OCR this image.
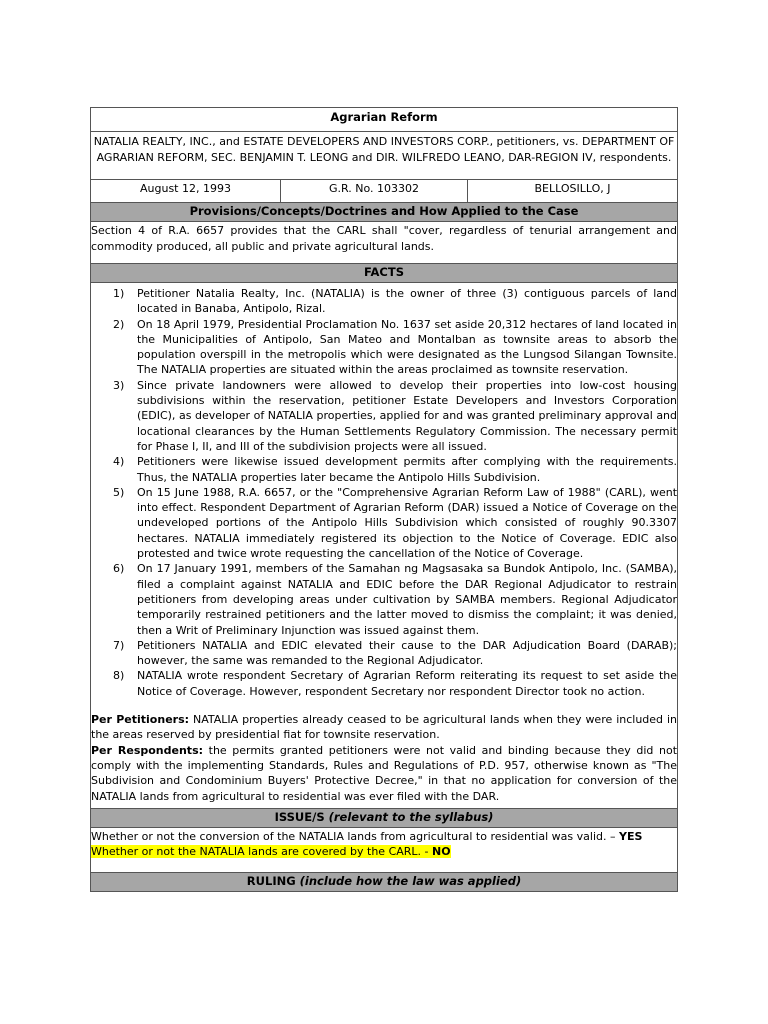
Agrarian Reform
NATALIA REALTY, INC., and ESTATE DEVELOPERS AND INVESTORS CORP., petitioners, vs. DEPARTMENT OF AGRARIAN REFORM, SEC. BENJAMIN T. LEONG and DIR. WILFREDO LEANO, DAR-REGION IV, respondents.
August 12, 1993	G.R. No. 103302	BELLOSILLO, J
Provisions/Concepts/Doctrines and How Applied to the Case
Section 4 of R.A. 6657 provides that the CARL shall "cover, regardless of tenurial arrangement and commodity produced, all public and private agricultural lands.
FACTS

1) Petitioner Natalia Realty, Inc. (NATALIA) is the owner of three (3) contiguous parcels of land located in Banaba, Antipolo, Rizal.
2) On 18 April 1979, Presidential Proclamation No. 1637 set aside 20,312 hectares of land located in the Municipalities of Antipolo, San Mateo and Montalban as townsite areas to absorb the population overspill in the metropolis which were designated as the Lungsod Silangan Townsite. The NATALIA properties are situated within the areas proclaimed as townsite reservation.
3) Since private landowners were allowed to develop their properties into low-cost housing subdivisions within the reservation, petitioner Estate Developers and Investors Corporation (EDIC), as developer of NATALIA properties, applied for and was granted preliminary approval and locational clearances by the Human Settlements Regulatory Commission. The necessary permit for Phase I, II, and III of the subdivision projects were all issued.
4) Petitioners were likewise issued development permits after complying with the requirements. Thus, the NATALIA properties later became the Antipolo Hills Subdivision.
5) On 15 June 1988, R.A. 6657, or the "Comprehensive Agrarian Reform Law of 1988" (CARL), went into effect. Respondent Department of Agrarian Reform (DAR) issued a Notice of Coverage on the undeveloped portions of the Antipolo Hills Subdivision which consisted of roughly 90.3307 hectares. NATALIA immediately registered its objection to the Notice of Coverage. EDIC also protested and twice wrote requesting the cancellation of the Notice of Coverage.
6) On 17 January 1991, members of the Samahan ng Magsasaka sa Bundok Antipolo, Inc. (SAMBA), filed a complaint against NATALIA and EDIC before the DAR Regional Adjudicator to restrain petitioners from developing areas under cultivation by SAMBA members. Regional Adjudicator temporarily restrained petitioners and the latter moved to dismiss the complaint; it was denied, then a Writ of Preliminary Injunction was issued against them.
7) Petitioners NATALIA and EDIC elevated their cause to the DAR Adjudication Board (DARAB); however, the same was remanded to the Regional Adjudicator.
8) NATALIA wrote respondent Secretary of Agrarian Reform reiterating its request to set aside the Notice of Coverage. However, respondent Secretary nor respondent Director took no action.

Per Petitioners: NATALIA properties already ceased to be agricultural lands when they were included in the areas reserved by presidential fiat for townsite reservation.

Per Respondents: the permits granted petitioners were not valid and binding because they did not comply with the implementing Standards, Rules and Regulations of P.D. 957, otherwise known as "The Subdivision and Condominium Buyers' Protective Decree," in that no application for conversion of the NATALIA lands from agricultural to residential was ever filed with the DAR.

ISSUE/S (relevant to the syllabus)

Whether or not the conversion of the NATALIA lands from agricultural to residential was valid. – YES
Whether or not the NATALIA lands are covered by the CARL. - NO

RULING (include how the law was applied)
